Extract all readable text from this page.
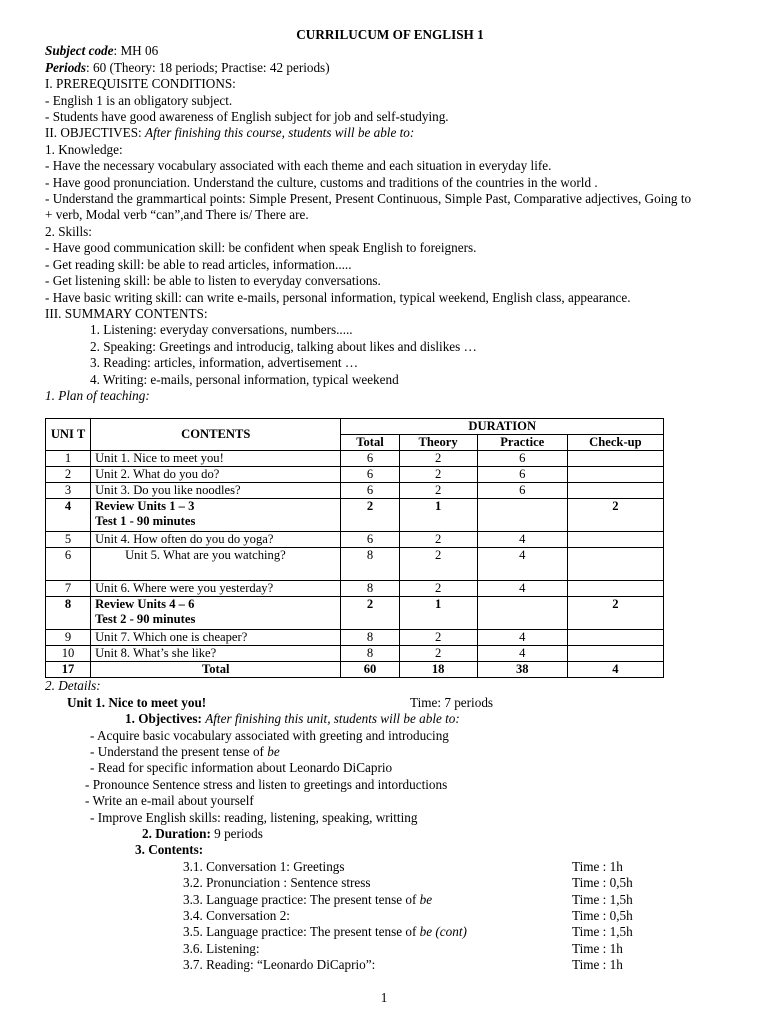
CURRILUCUM OF ENGLISH 1
Subject code: MH 06
Periods: 60 (Theory: 18 periods; Practise: 42 periods)
I. PREREQUISITE CONDITIONS:
- English 1 is an obligatory subject.
- Students have good awareness of English subject for job and self-studying.
II. OBJECTIVES: After finishing this course, students will be able to:
1. Knowledge:
- Have the necessary vocabulary associated with each theme and each situation in everyday life.
- Have good pronunciation. Understand the culture, customs and traditions of the countries in the world .
- Understand the grammartical points: Simple Present, Present Continuous, Simple Past, Comparative adjectives, Going to
+ verb, Modal verb “can”,and There is/ There are.
2. Skills:
- Have good communication skill: be confident when speak English to foreigners.
- Get reading skill: be able to read articles, information.....
- Get listening skill: be able to listen to everyday conversations.
- Have basic writing skill: can write e-mails, personal information, typical weekend, English class, appearance.
III. SUMMARY CONTENTS:
1. Listening: everyday conversations, numbers.....
2. Speaking: Greetings and introducig, talking about likes and dislikes …
3. Reading: articles, information, advertisement …
4. Writing: e-mails, personal information, typical weekend
1. Plan of teaching:
UNI T	CONTENTS	DURATION			
		Total	Theory	Practice	Check-up
1	Unit 1. Nice to meet you!	6	2	6	
2	Unit 2. What do you do?	6	2	6	
3	Unit 3. Do you like noodles?	6	2	6	
4	Review Units 1 – 3
Test 1 - 90 minutes	2	1		2
5	Unit 4. How often do you do yoga?	6	2	4	
6	Unit 5. What are you watching?	8	2	4	
7	Unit 6. Where were you yesterday?	8	2	4	
8	Review Units 4 – 6
Test 2 - 90 minutes	2	1		2
9	Unit 7. Which one is cheaper?	8	2	4	
10	Unit 8. What’s she like?	8	2	4	
17	Total	60	18	38	4
2. Details:
Unit 1. Nice to meet you!	Time: 7 periods
1. Objectives: After finishing this unit, students will be able to:
- Acquire basic vocabulary associated with greeting and introducing
- Understand the present tense of be
- Read for specific information about Leonardo DiCaprio
- Pronounce Sentence stress and listen to greetings and intorductions
- Write an e-mail about yourself
- Improve English skills: reading, listening, speaking, writting
2. Duration: 9 periods
3. Contents:
3.1. Conversation 1: Greetings	Time : 1h
3.2. Pronunciation : Sentence stress	Time : 0,5h
3.3. Language practice: The present tense of be	Time : 1,5h
3.4. Conversation 2:	Time : 0,5h
3.5. Language practice: The present tense of be (cont)	Time : 1,5h
3.6. Listening:	Time : 1h
3.7. Reading: “Leonardo DiCaprio”:	Time : 1h
1
